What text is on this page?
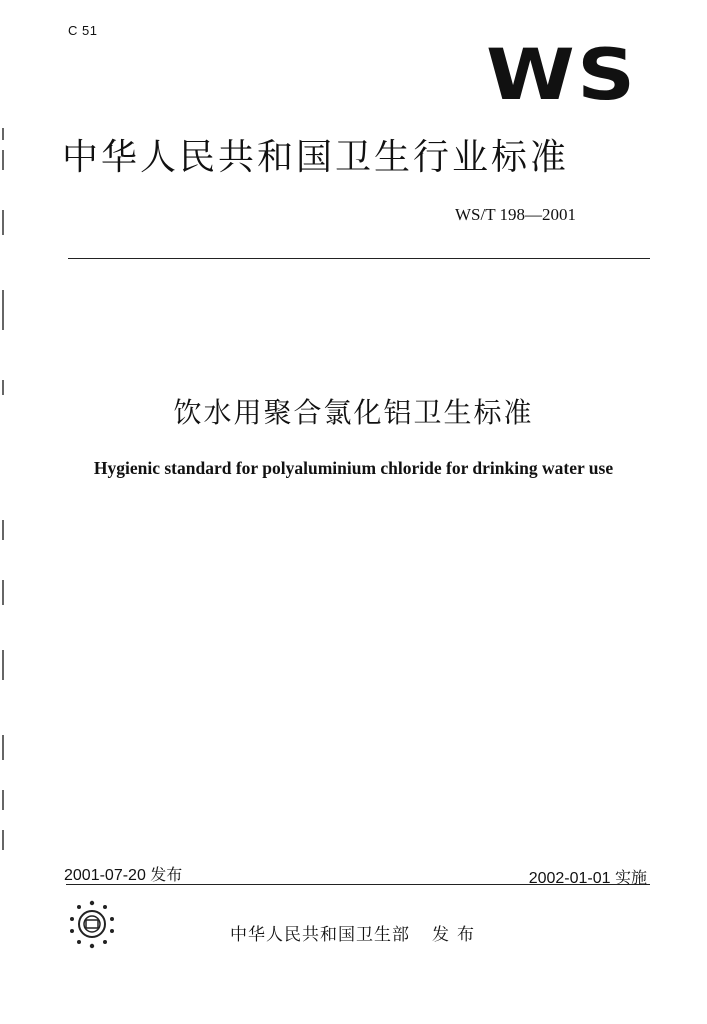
C 51
WS
中华人民共和国卫生行业标准
WS/T 198—2001
饮水用聚合氯化铝卫生标准
Hygienic standard for polyaluminium chloride for drinking water use
2001-07-20 发布	2002-01-01 实施
中华人民共和国卫生部 发布
